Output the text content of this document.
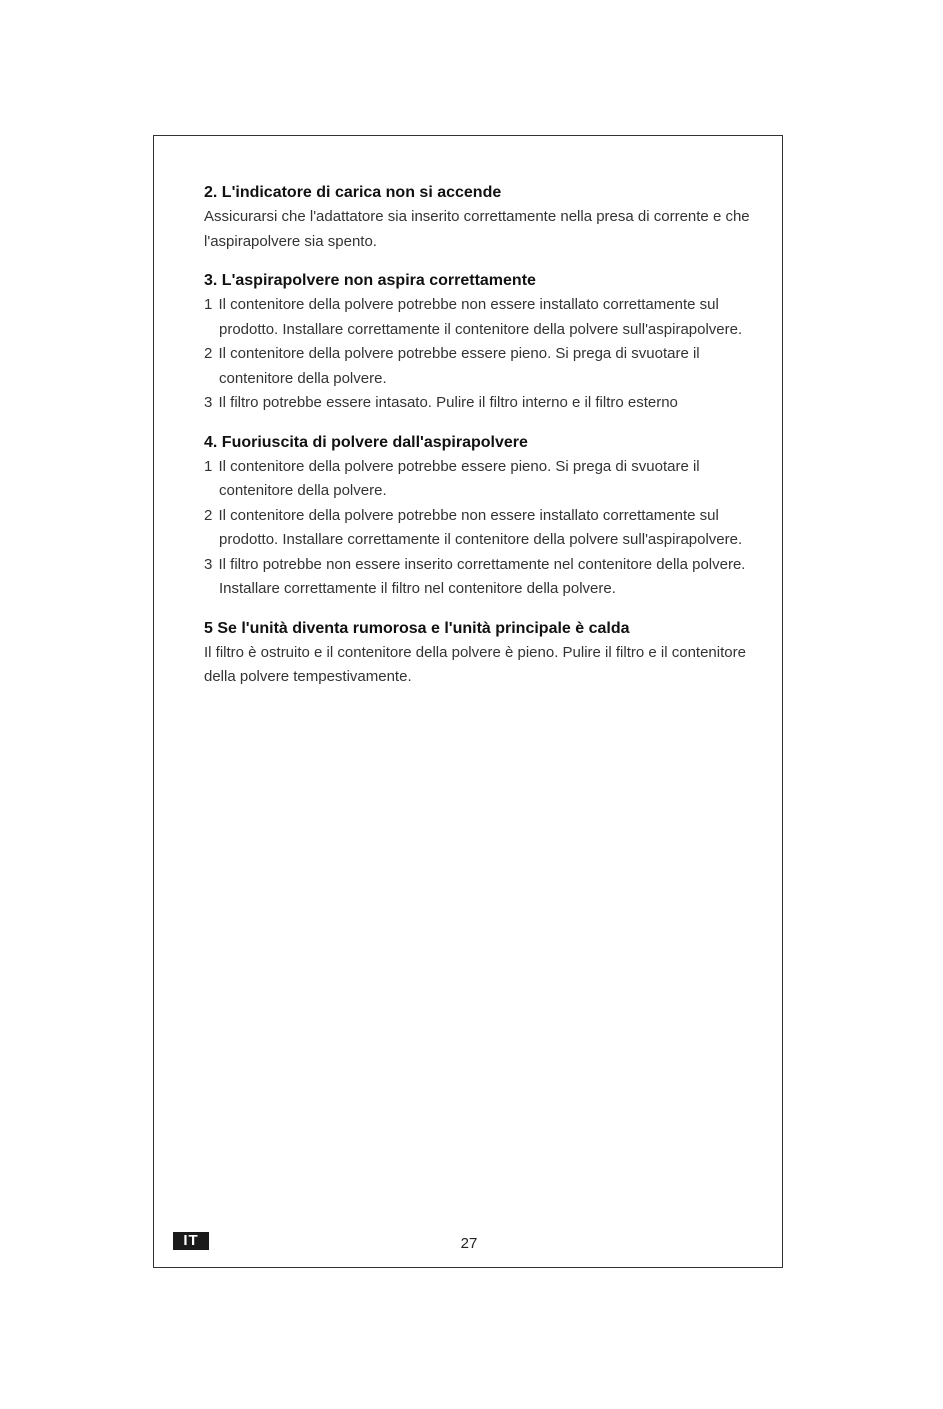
2. L'indicatore di carica non si accende

Assicurarsi che l'adattatore sia inserito correttamente nella presa di corrente e che l'aspirapolvere sia spento.

3. L'aspirapolvere non aspira correttamente

1 Il contenitore della polvere potrebbe non essere installato correttamente sul prodotto. Installare correttamente il contenitore della polvere sull'aspirapolvere.

2 Il contenitore della polvere potrebbe essere pieno. Si prega di svuotare il contenitore della polvere.

3 Il filtro potrebbe essere intasato. Pulire il filtro interno e il filtro esterno

4. Fuoriuscita di polvere dall'aspirapolvere

1 Il contenitore della polvere potrebbe essere pieno. Si prega di svuotare il contenitore della polvere.

2 Il contenitore della polvere potrebbe non essere installato correttamente sul prodotto. Installare correttamente il contenitore della polvere sull'aspirapolvere.

3 Il filtro potrebbe non essere inserito correttamente nel contenitore della polvere. Installare correttamente il filtro nel contenitore della polvere.

5 Se l'unità diventa rumorosa e l'unità principale è calda

Il filtro è ostruito e il contenitore della polvere è pieno. Pulire il filtro e il contenitore della polvere tempestivamente.

IT	27
